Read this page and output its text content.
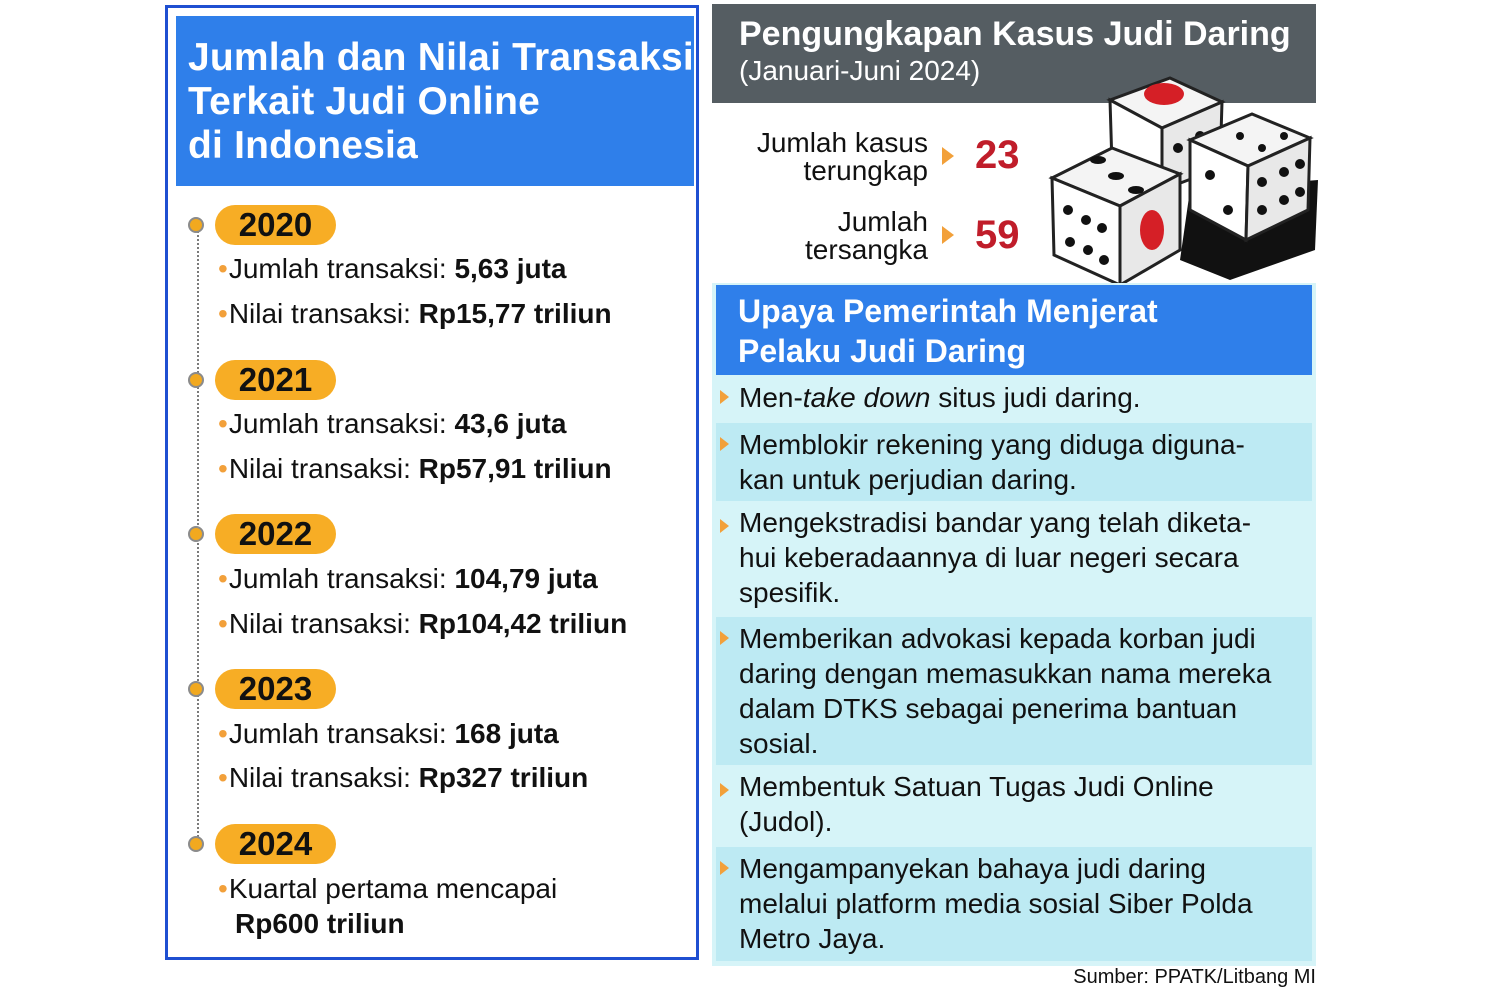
Jumlah dan Nilai Transaksi
Terkait Judi Online
di Indonesia
2020
•Jumlah transaksi: 5,63 juta
•Nilai transaksi: Rp15,77 triliun
2021
•Jumlah transaksi: 43,6 juta
•Nilai transaksi: Rp57,91 triliun
2022
•Jumlah transaksi: 104,79 juta
•Nilai transaksi: Rp104,42 triliun
2023
•Jumlah transaksi: 168 juta
•Nilai transaksi: Rp327 triliun
2024
•Kuartal pertama mencapai
Rp600 triliun
Pengungkapan Kasus Judi Daring
(Januari-Juni 2024)
Jumlah kasus
terungkap 23
Jumlah
tersangka 59
Upaya Pemerintah Menjerat
Pelaku Judi Daring
Men-take down situs judi daring.
Memblokir rekening yang diduga diguna-
kan untuk perjudian daring.
Mengekstradisi bandar yang telah diketa-
hui keberadaannya di luar negeri secara
spesifik.
Memberikan advokasi kepada korban judi
daring dengan memasukkan nama mereka
dalam DTKS sebagai penerima bantuan
sosial.
Membentuk Satuan Tugas Judi Online
(Judol).
Mengampanyekan bahaya judi daring
melalui platform media sosial Siber Polda
Metro Jaya.
Sumber: PPATK/Litbang MI
